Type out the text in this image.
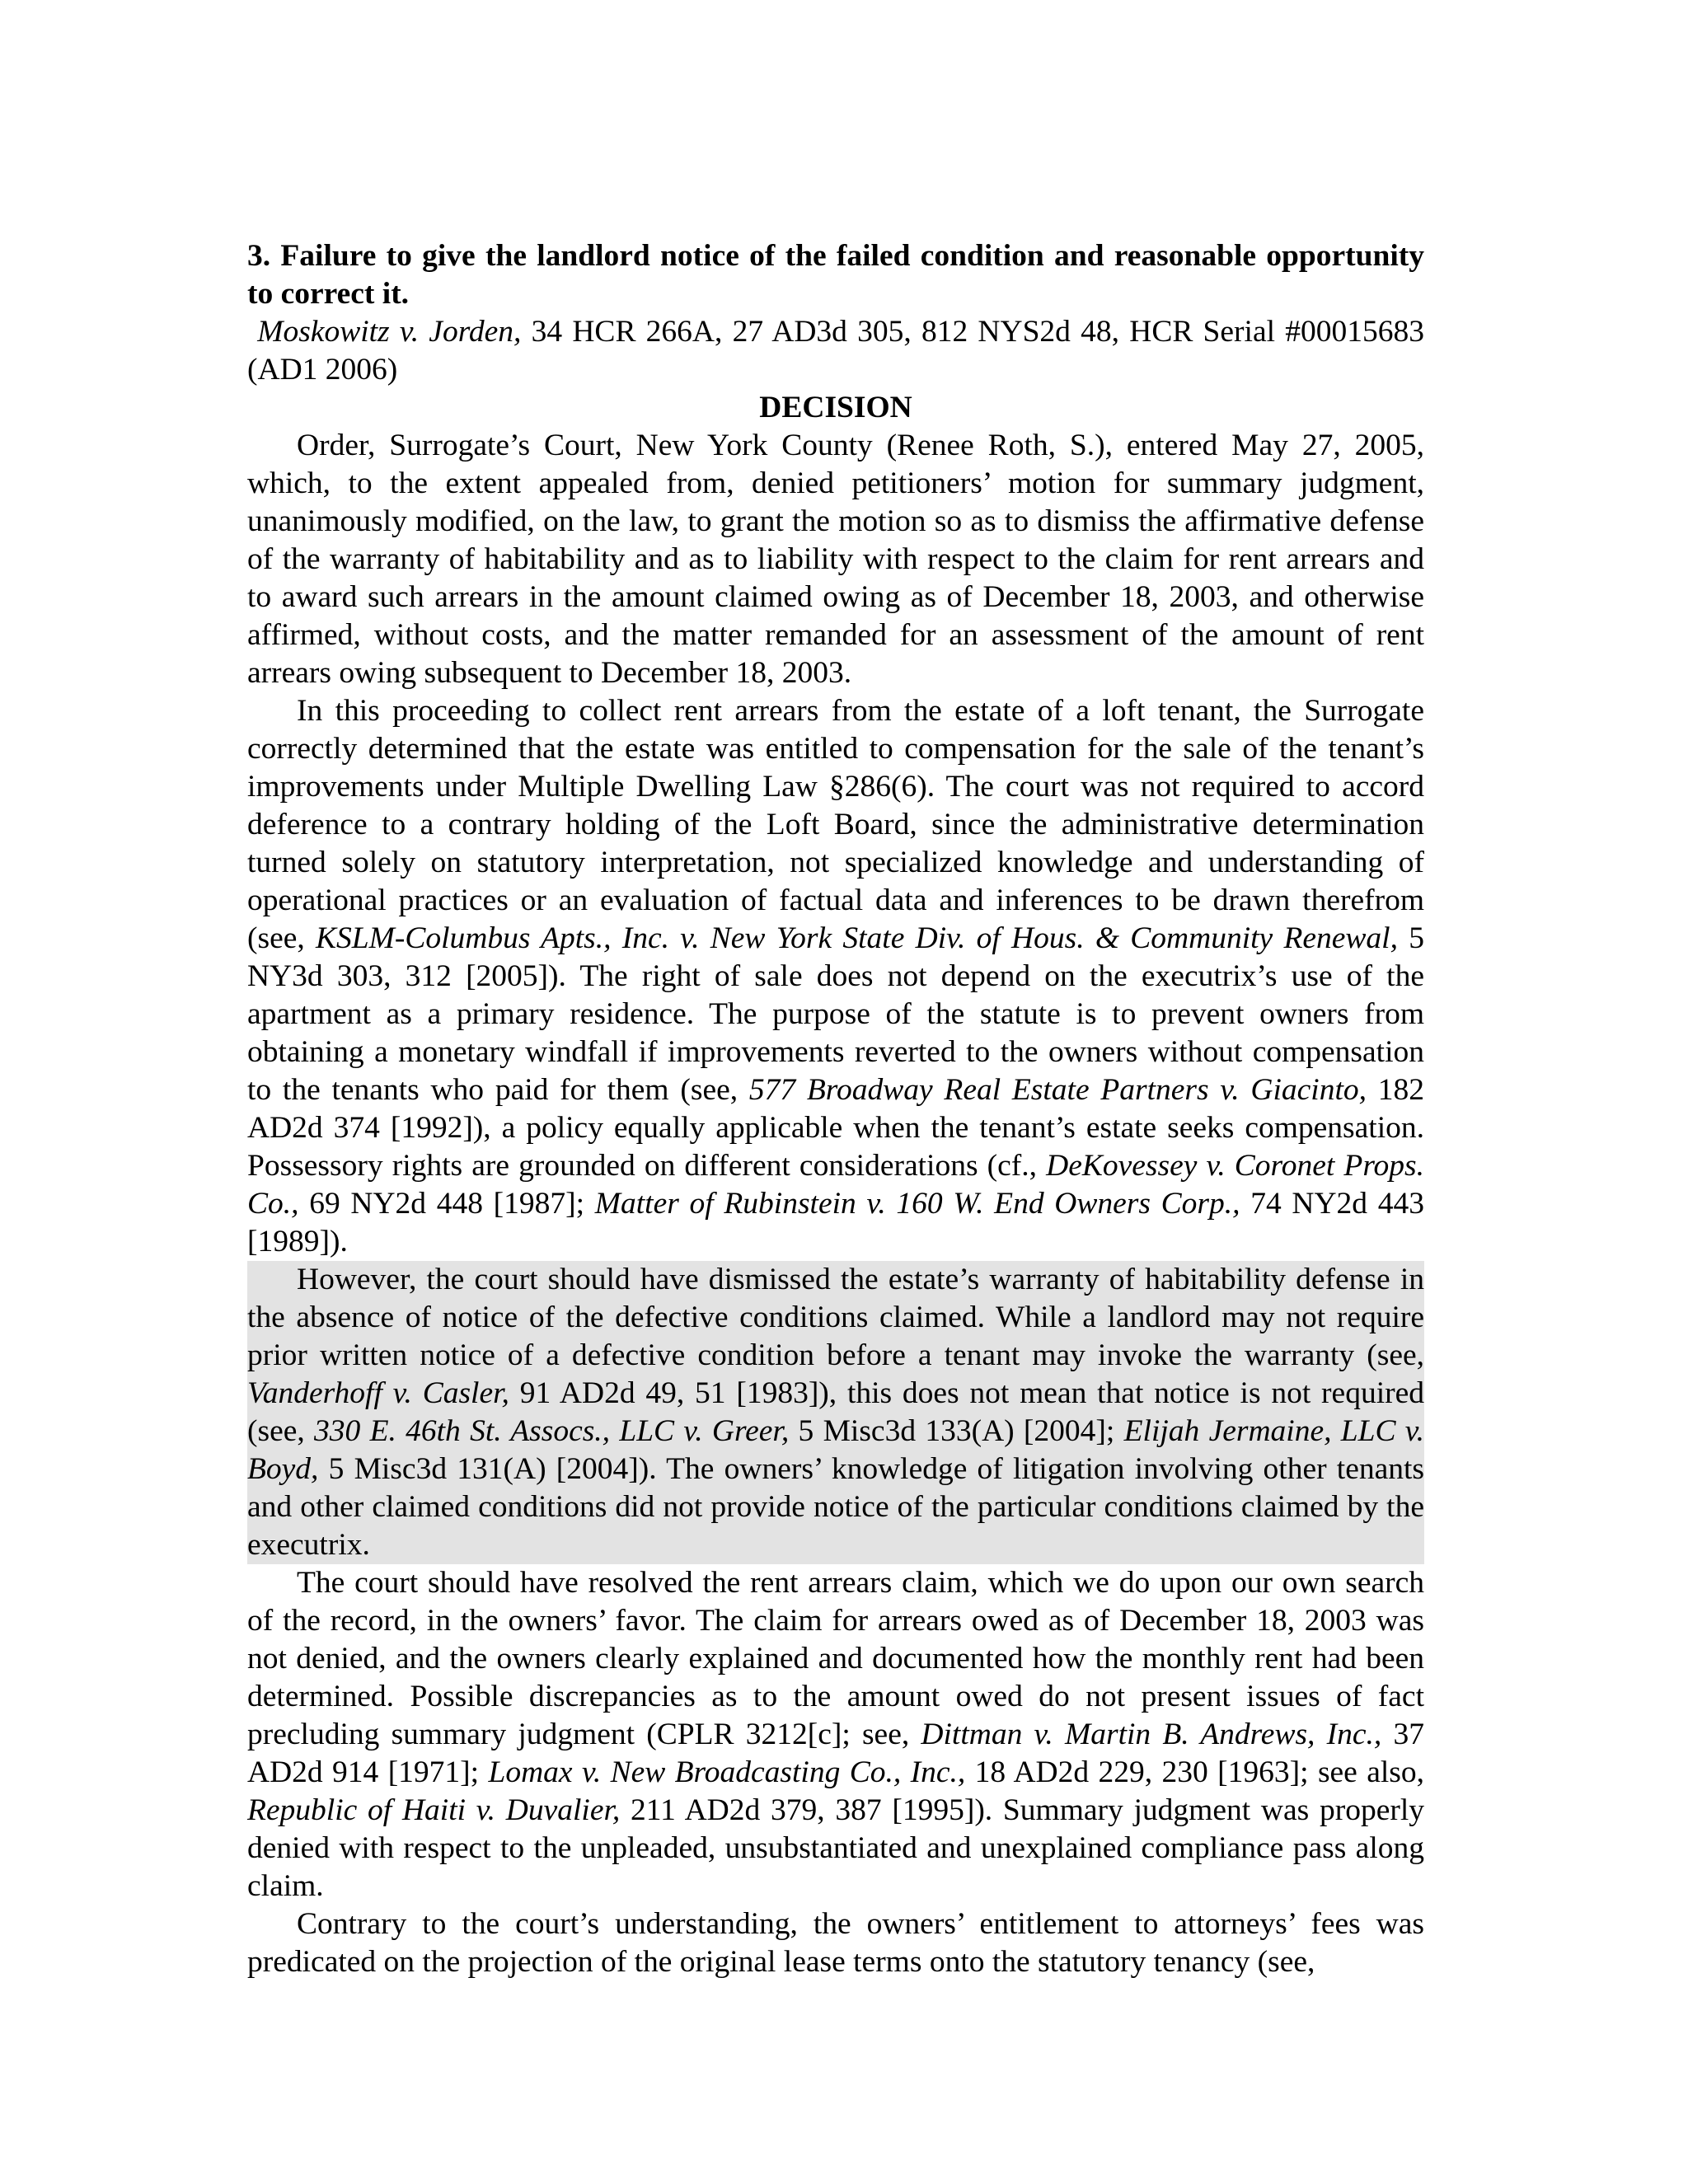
3. Failure to give the landlord notice of the failed condition and reasonable opportunity to correct it.

Moskowitz v. Jorden, 34 HCR 266A, 27 AD3d 305, 812 NYS2d 48, HCR Serial #00015683 (AD1 2006)

DECISION

Order, Surrogate’s Court, New York County (Renee Roth, S.), entered May 27, 2005, which, to the extent appealed from, denied petitioners’ motion for summary judgment, unanimously modified, on the law, to grant the motion so as to dismiss the affirmative defense of the warranty of habitability and as to liability with respect to the claim for rent arrears and to award such arrears in the amount claimed owing as of December 18, 2003, and otherwise affirmed, without costs, and the matter remanded for an assessment of the amount of rent arrears owing subsequent to December 18, 2003.

In this proceeding to collect rent arrears from the estate of a loft tenant, the Surrogate correctly determined that the estate was entitled to compensation for the sale of the tenant’s improvements under Multiple Dwelling Law §286(6). The court was not required to accord deference to a contrary holding of the Loft Board, since the administrative determination turned solely on statutory interpretation, not specialized knowledge and understanding of operational practices or an evaluation of factual data and inferences to be drawn therefrom (see, KSLM-Columbus Apts., Inc. v. New York State Div. of Hous. & Community Renewal, 5 NY3d 303, 312 [2005]). The right of sale does not depend on the executrix’s use of the apartment as a primary residence. The purpose of the statute is to prevent owners from obtaining a monetary windfall if improvements reverted to the owners without compensation to the tenants who paid for them (see, 577 Broadway Real Estate Partners v. Giacinto, 182 AD2d 374 [1992]), a policy equally applicable when the tenant’s estate seeks compensation. Possessory rights are grounded on different considerations (cf., DeKovessey v. Coronet Props. Co., 69 NY2d 448 [1987]; Matter of Rubinstein v. 160 W. End Owners Corp., 74 NY2d 443 [1989]).

However, the court should have dismissed the estate’s warranty of habitability defense in the absence of notice of the defective conditions claimed. While a landlord may not require prior written notice of a defective condition before a tenant may invoke the warranty (see, Vanderhoff v. Casler, 91 AD2d 49, 51 [1983]), this does not mean that notice is not required (see, 330 E. 46th St. Assocs., LLC v. Greer, 5 Misc3d 133(A) [2004]; Elijah Jermaine, LLC v. Boyd, 5 Misc3d 131(A) [2004]). The owners’ knowledge of litigation involving other tenants and other claimed conditions did not provide notice of the particular conditions claimed by the executrix.

The court should have resolved the rent arrears claim, which we do upon our own search of the record, in the owners’ favor. The claim for arrears owed as of December 18, 2003 was not denied, and the owners clearly explained and documented how the monthly rent had been determined. Possible discrepancies as to the amount owed do not present issues of fact precluding summary judgment (CPLR 3212[c]; see, Dittman v. Martin B. Andrews, Inc., 37 AD2d 914 [1971]; Lomax v. New Broadcasting Co., Inc., 18 AD2d 229, 230 [1963]; see also, Republic of Haiti v. Duvalier, 211 AD2d 379, 387 [1995]). Summary judgment was properly denied with respect to the unpleaded, unsubstantiated and unexplained compliance pass along claim.

Contrary to the court’s understanding, the owners’ entitlement to attorneys’ fees was predicated on the projection of the original lease terms onto the statutory tenancy (see,
